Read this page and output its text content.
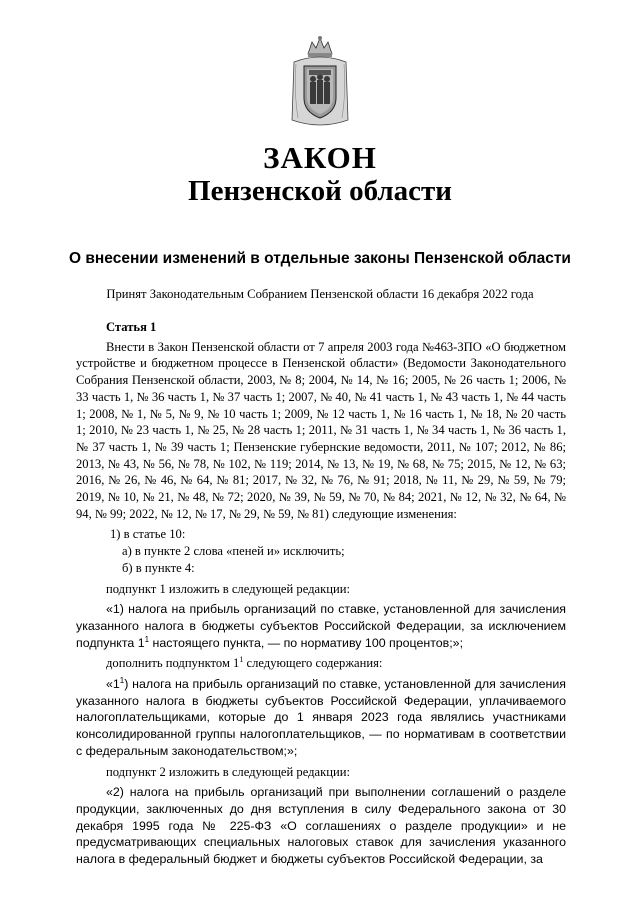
ЗАКОН
Пензенской области
О внесении изменений в отдельные законы Пензенской области
Принят Законодательным Собранием Пензенской области 16 декабря 2022 года

Статья 1

Внести в Закон Пензенской области от 7 апреля 2003 года №463-ЗПО «О бюджетном устройстве и бюджетном процессе в Пензенской области» (Ведомости Законодательного Собрания Пензенской области, 2003, № 8; 2004, № 14, № 16; 2005, № 26 часть 1; 2006, № 33 часть 1, № 36 часть 1, № 37 часть 1; 2007, № 40, № 41 часть 1, № 43 часть 1, № 44 часть 1; 2008, № 1, № 5, № 9, № 10 часть 1; 2009, № 12 часть 1, № 16 часть 1, № 18, № 20 часть 1; 2010, № 23 часть 1, № 25, № 28 часть 1; 2011, № 31 часть 1, № 34 часть 1, № 36 часть 1, № 37 часть 1, № 39 часть 1; Пензенские губернские ведомости, 2011, № 107; 2012, № 86; 2013, № 43, № 56, № 78, № 102, № 119; 2014, № 13, № 19, № 68, № 75; 2015, № 12, № 63; 2016, № 26, № 46, № 64, № 81; 2017, № 32, № 76, № 91; 2018, № 11, № 29, № 59, № 79; 2019, № 10, № 21, № 48, № 72; 2020, № 39, № 59, № 70, № 84; 2021, № 12, № 32, № 64, № 94, № 99; 2022, № 12, № 17, № 29, № 59, № 81) следующие изменения:

1) в статье 10:

а) в пункте 2 слова «пеней и» исключить;

б) в пункте 4:

подпункт 1 изложить в следующей редакции:

«1) налога на прибыль организаций по ставке, установленной для зачисления указанного налога в бюджеты субъектов Российской Федерации, за исключением подпункта $1^1$ настоящего пункта, — по нормативу 100 процентов;»;

дополнить подпунктом $1^1$ следующего содержания:

«$1^1$) налога на прибыль организаций по ставке, установленной для зачисления указанного налога в бюджеты субъектов Российской Федерации, уплачиваемого налогоплательщиками, которые до 1 января 2023 года являлись участниками консолидированной группы налогоплательщиков, — по нормативам в соответствии с федеральным законодательством;»;

подпункт 2 изложить в следующей редакции:

«2) налога на прибыль организаций при выполнении соглашений о разделе продукции, заключенных до дня вступления в силу Федерального закона от 30 декабря 1995 года № 225-ФЗ «О соглашениях о разделе продукции» и не предусматривающих специальных налоговых ставок для зачисления указанного налога в федеральный бюджет и бюджеты субъектов Российской Федерации, за
